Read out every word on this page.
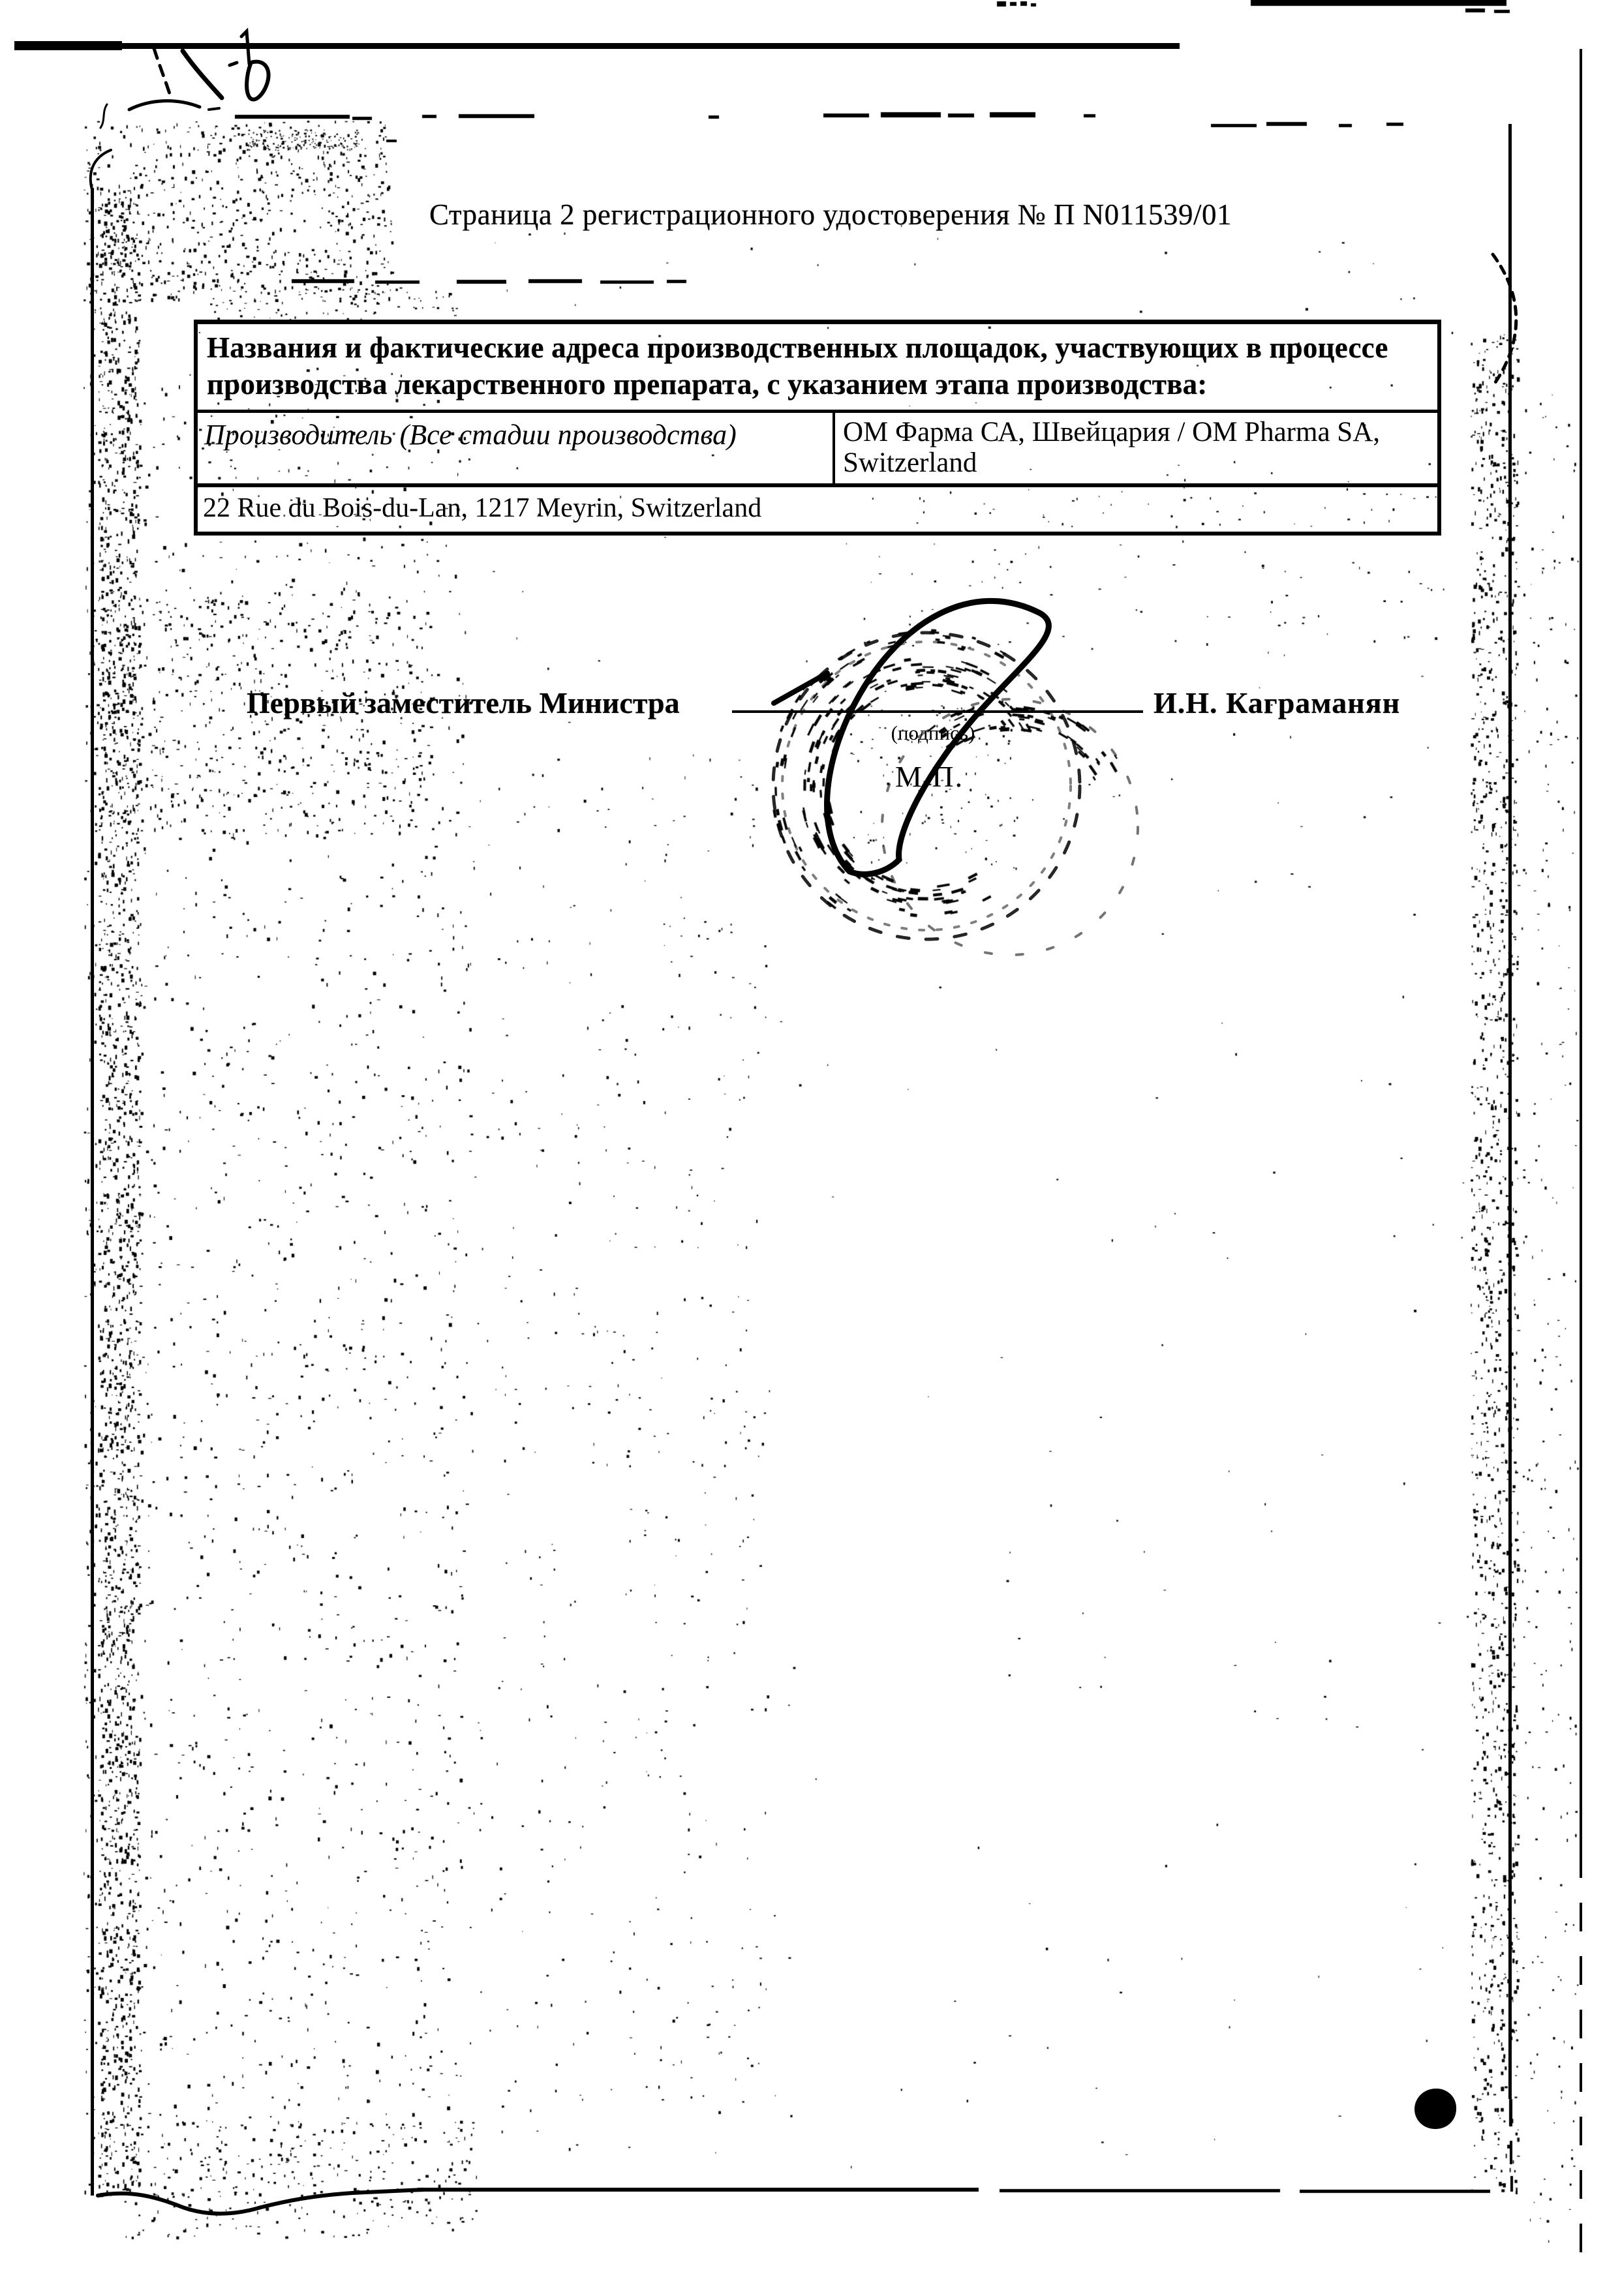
Страница 2 регистрационного удостоверения № П N011539/01
Названия и фактические адреса производственных площадок, участвующих в процессе производства лекарственного препарата, с указанием этапа производства:
Производитель (Все стадии производства)	ОМ Фарма СА, Швейцария / OM Pharma SA, Switzerland
22 Rue du Bois-du-Lan, 1217 Meyrin, Switzerland
Первый заместитель Министра
(подпись)
М.П.
И.Н. Каграманян
